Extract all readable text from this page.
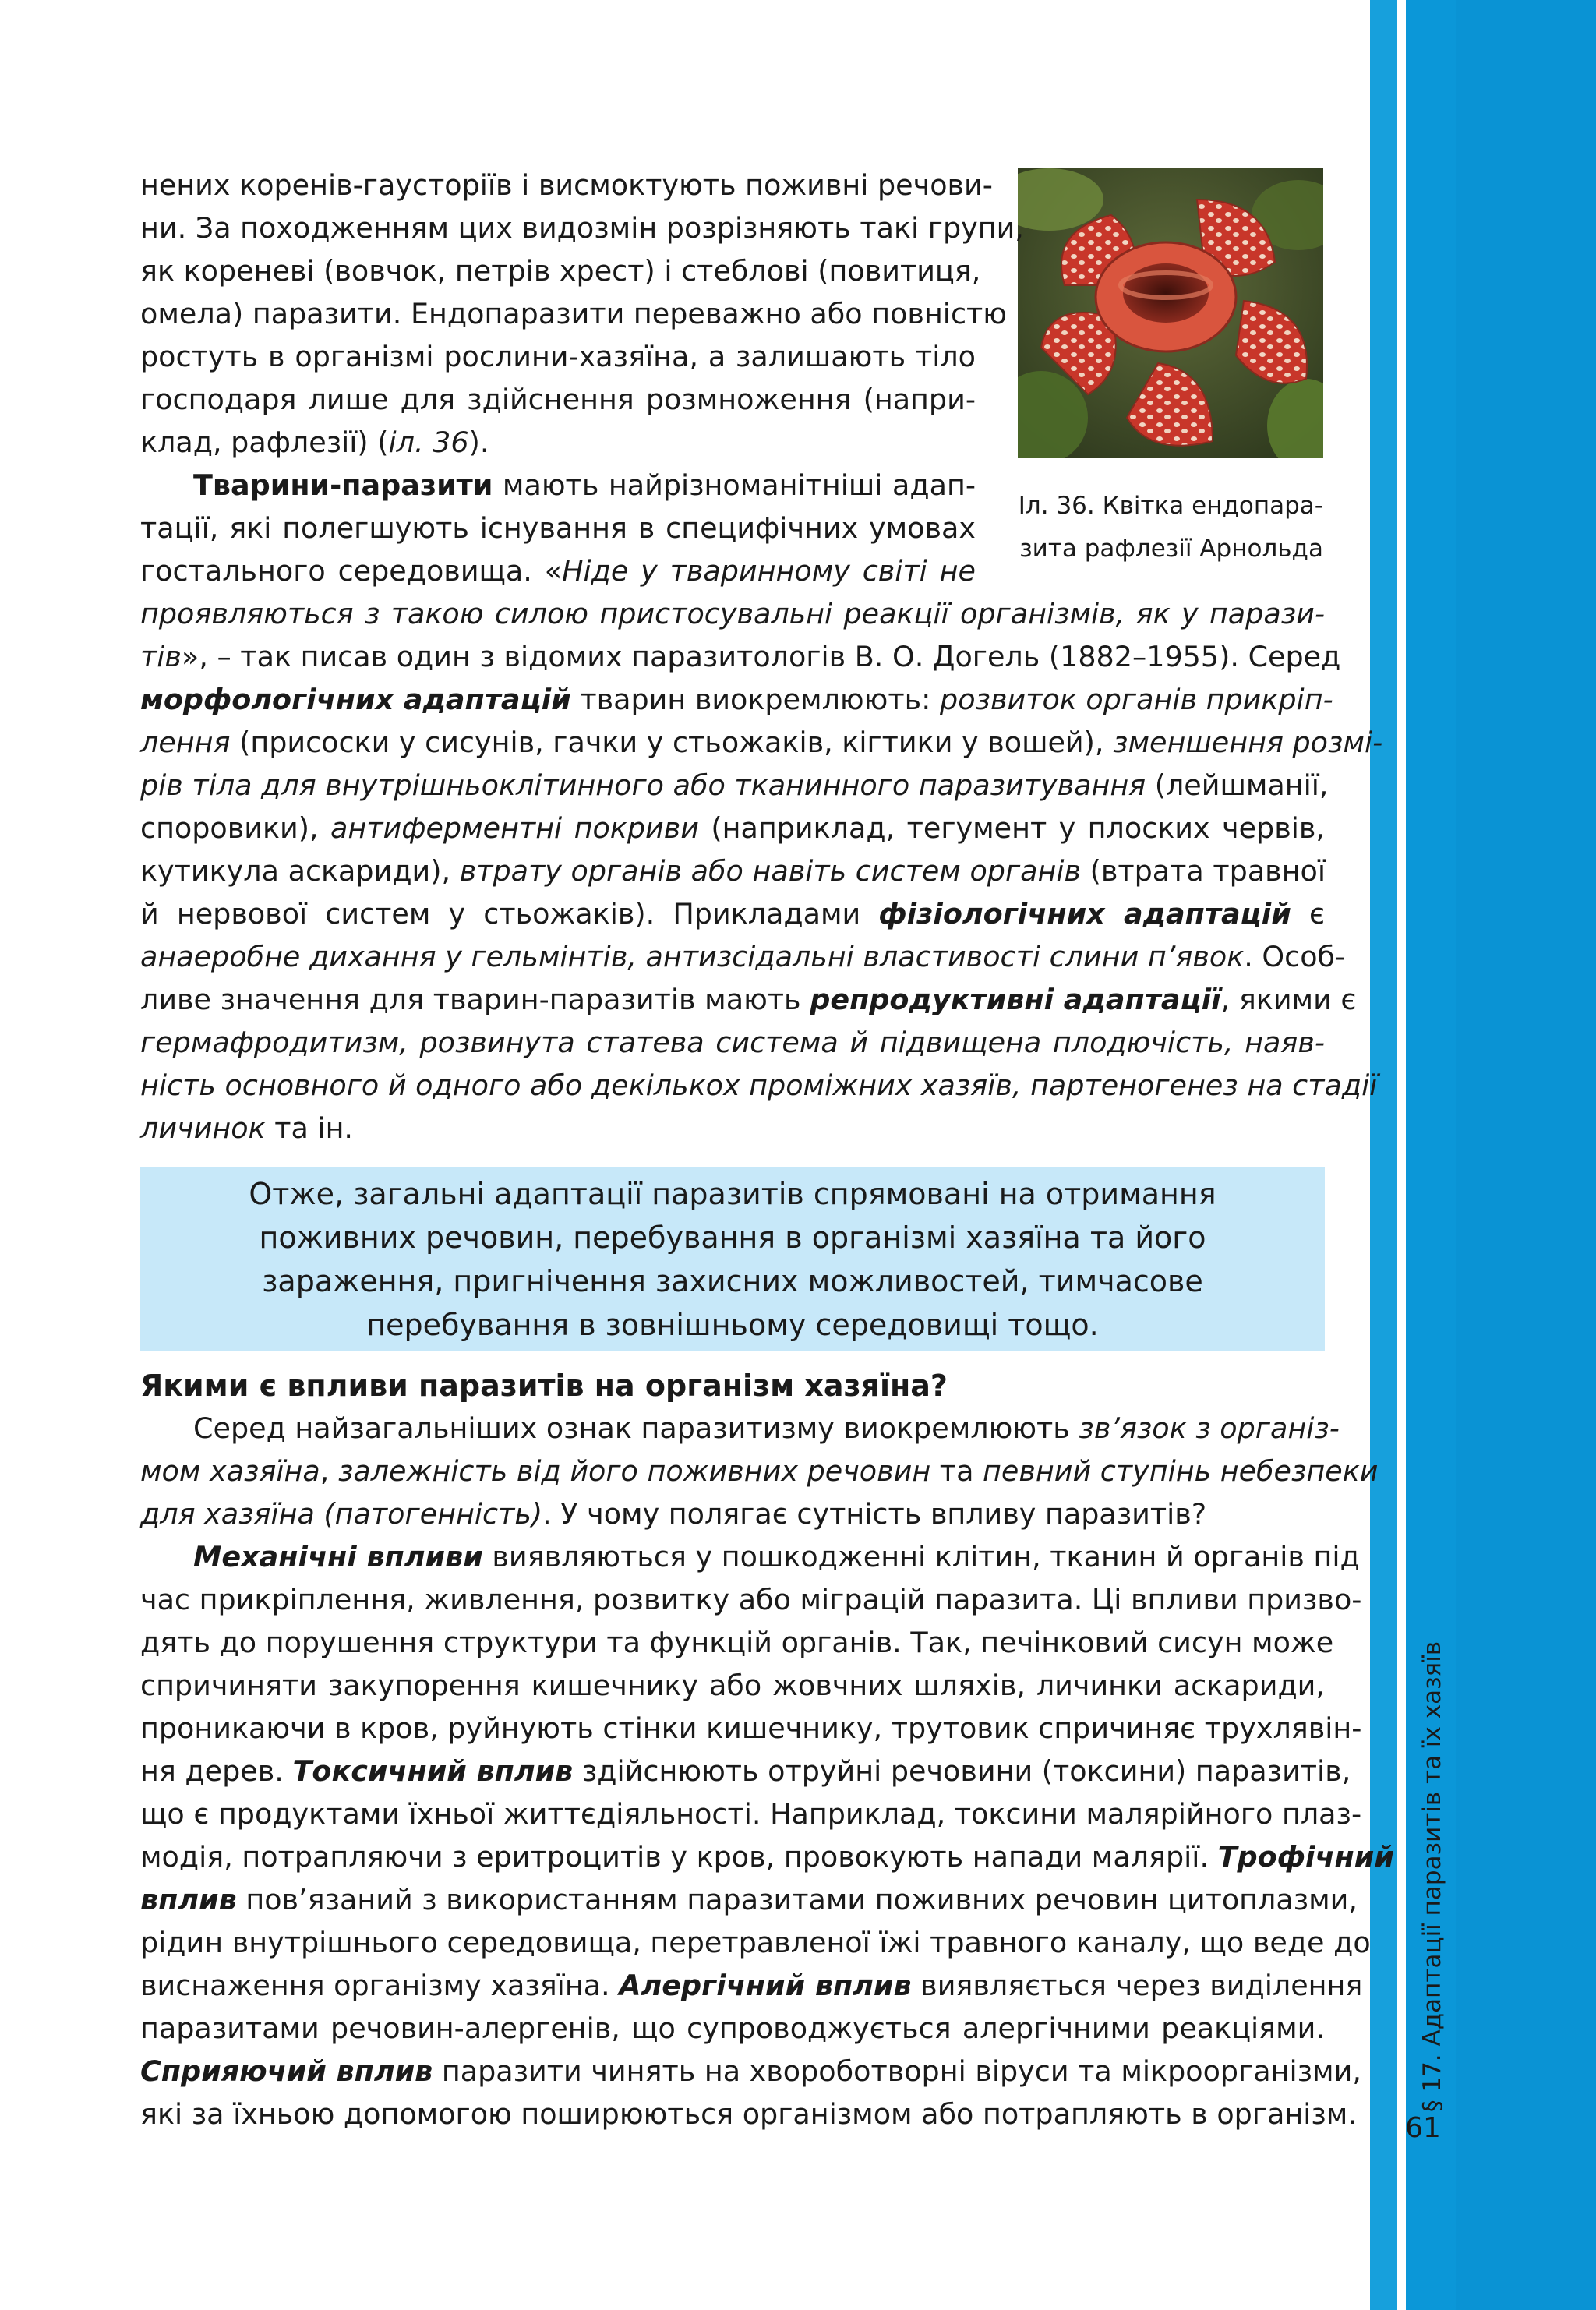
§ 17. Адаптації паразитів та їх хазяїв
61
Іл. 36. Квітка ендопара-
зита рафлезії Арнольда
нених коренів-гаусторіїв і висмоктують поживні речови-
ни. За походженням цих видозмін розрізняють такі групи,
як кореневі (вовчок, петрів хрест) і стеблові (повитиця,
омела) паразити. Ендопаразити переважно або повністю
ростуть в організмі рослини-хазяїна, а залишають тіло
господаря лише для здійснення розмноження (напри-
клад, рафлезії) (іл. 36).
Тварини-паразити мають найрізноманітніші адап-
тації, які полегшують існування в специфічних умовах
гостального середовища. «Ніде у тваринному світі не
проявляються з такою силою пристосувальні реакції організмів, як у парази-
тів», – так писав один з відомих паразитологів В. О. Догель (1882–1955). Серед
морфологічних адаптацій тварин виокремлюють: розвиток органів прикріп-
лення (присоски у сисунів, гачки у стьожаків, кігтики у вошей), зменшення розмі-
рів тіла для внутрішньоклітинного або тканинного паразитування (лейшманії,
споровики), антиферментні покриви (наприклад, тегумент у плоских червів,
кутикула аскариди), втрату органів або навіть систем органів (втрата травної
й нервової систем у стьожаків). Прикладами фізіологічних адаптацій є
анаеробне дихання у гельмінтів, антизсідальні властивості слини п’явок. Особ-
ливе значення для тварин-паразитів мають репродуктивні адаптації, якими є
гермафродитизм, розвинута статева система й підвищена плодючість, наяв-
ність основного й одного або декількох проміжних хазяїв, партеногенез на стадії
личинок та ін.
Отже, загальні адаптації паразитів спрямовані на отримання
поживних речовин, перебування в організмі хазяїна та його
зараження, пригнічення захисних можливостей, тимчасове
перебування в зовнішньому середовищі тощо.
Якими є впливи паразитів на організм хазяїна?
Серед найзагальніших ознак паразитизму виокремлюють зв’язок з організ-
мом хазяїна, залежність від його поживних речовин та певний ступінь небезпеки
для хазяїна (патогенність). У чому полягає сутність впливу паразитів?
Механічні впливи виявляються у пошкодженні клітин, тканин й органів під
час прикріплення, живлення, розвитку або міграцій паразита. Ці впливи призво-
дять до порушення структури та функцій органів. Так, печінковий сисун може
спричиняти закупорення кишечнику або жовчних шляхів, личинки аскариди,
проникаючи в кров, руйнують стінки кишечнику, трутовик спричиняє трухлявін-
ня дерев. Токсичний вплив здійснюють отруйні речовини (токсини) паразитів,
що є продуктами їхньої життєдіяльності. Наприклад, токсини малярійного плаз-
модія, потрапляючи з еритроцитів у кров, провокують напади малярії. Трофічний
вплив пов’язаний з використанням паразитами поживних речовин цитоплазми,
рідин внутрішнього середовища, перетравленої їжі травного каналу, що веде до
виснаження організму хазяїна. Алергічний вплив виявляється через виділення
паразитами речовин-алергенів, що супроводжується алергічними реакціями.
Сприяючий вплив паразити чинять на хвороботворні віруси та мікроорганізми,
які за їхньою допомогою поширюються організмом або потрапляють в організм.
